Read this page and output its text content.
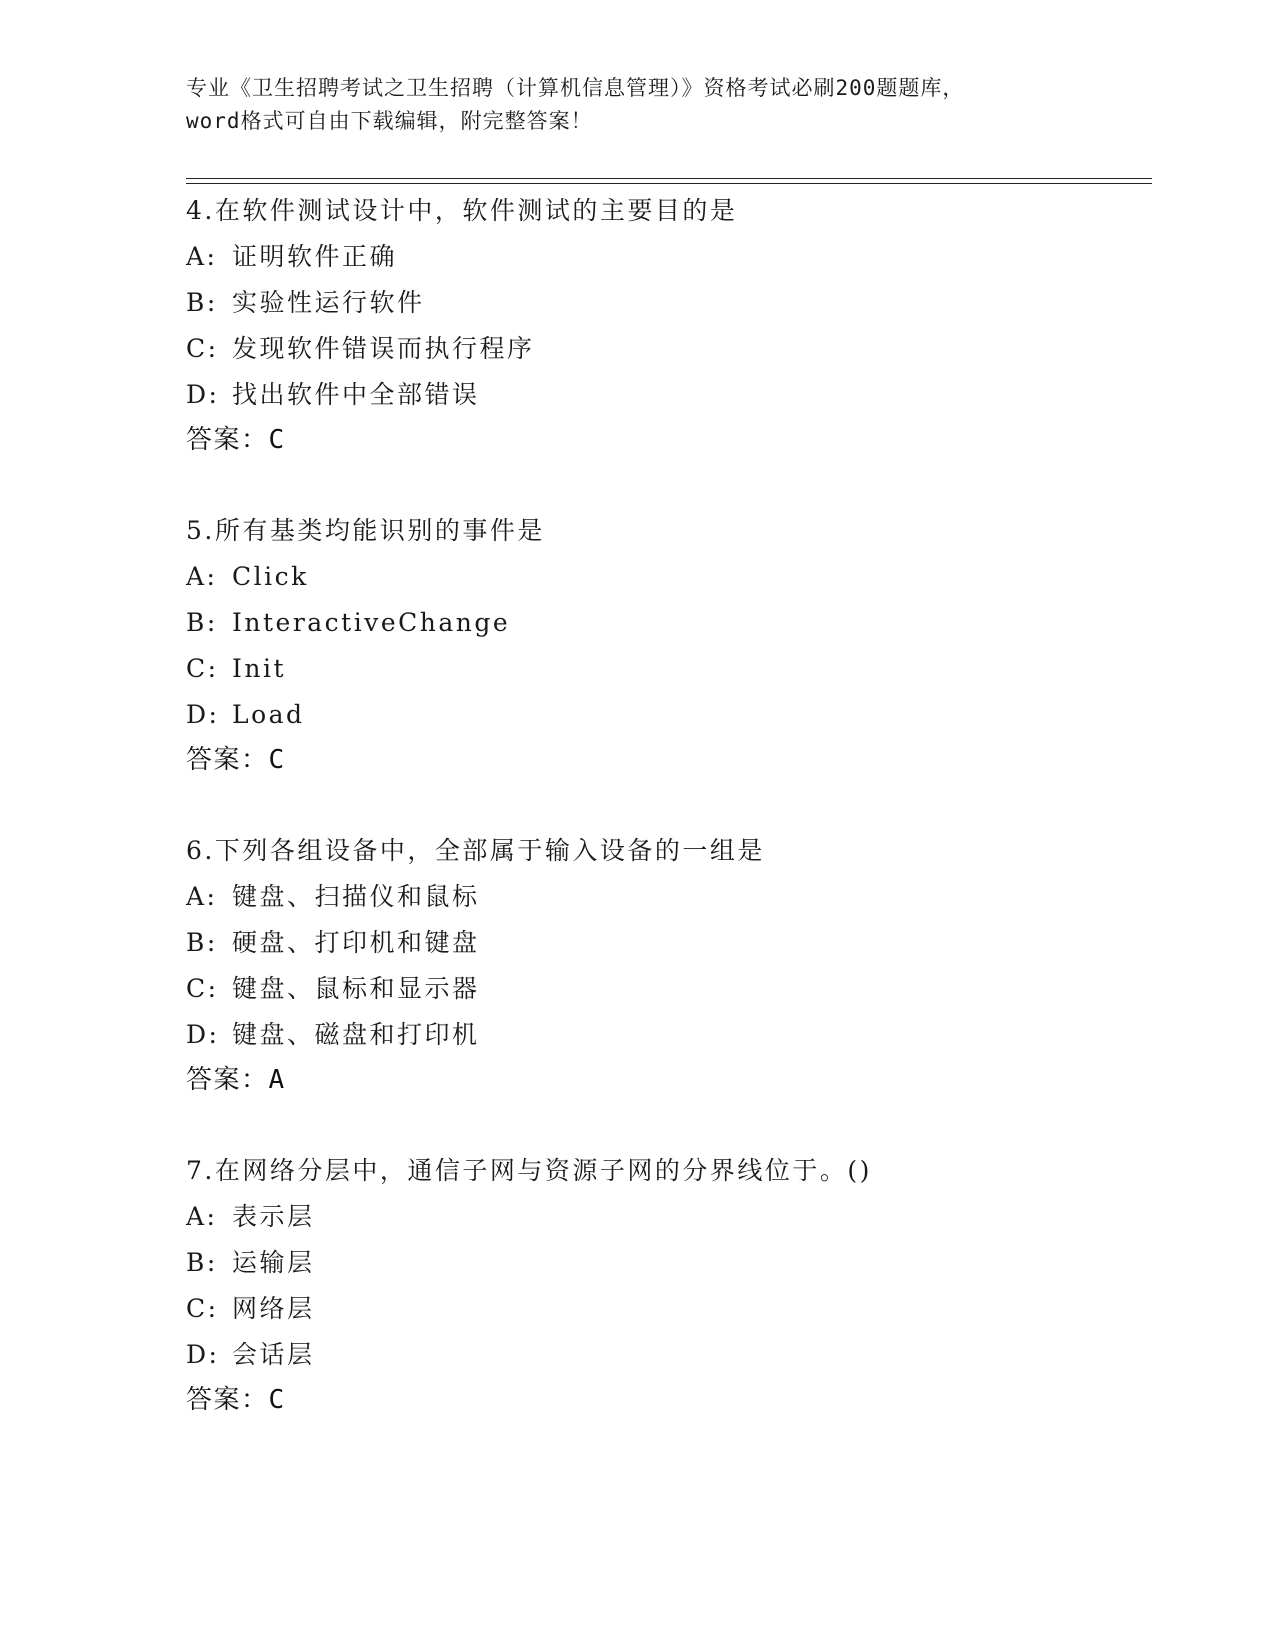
专业《卫生招聘考试之卫生招聘（计算机信息管理）》资格考试必刷200题题库，
word格式可自由下载编辑，附完整答案！
4.在软件测试设计中，软件测试的主要目的是
A: 证明软件正确
B: 实验性运行软件
C: 发现软件错误而执行程序
D: 找出软件中全部错误
答案：C
5.所有基类均能识别的事件是
A: Click
B: InteractiveChange
C: Init
D: Load
答案：C
6.下列各组设备中，全部属于输入设备的一组是
A: 键盘、扫描仪和鼠标
B: 硬盘、打印机和键盘
C: 键盘、鼠标和显示器
D: 键盘、磁盘和打印机
答案：A
7.在网络分层中，通信子网与资源子网的分界线位于。()
A: 表示层
B: 运输层
C: 网络层
D: 会话层
答案：C
